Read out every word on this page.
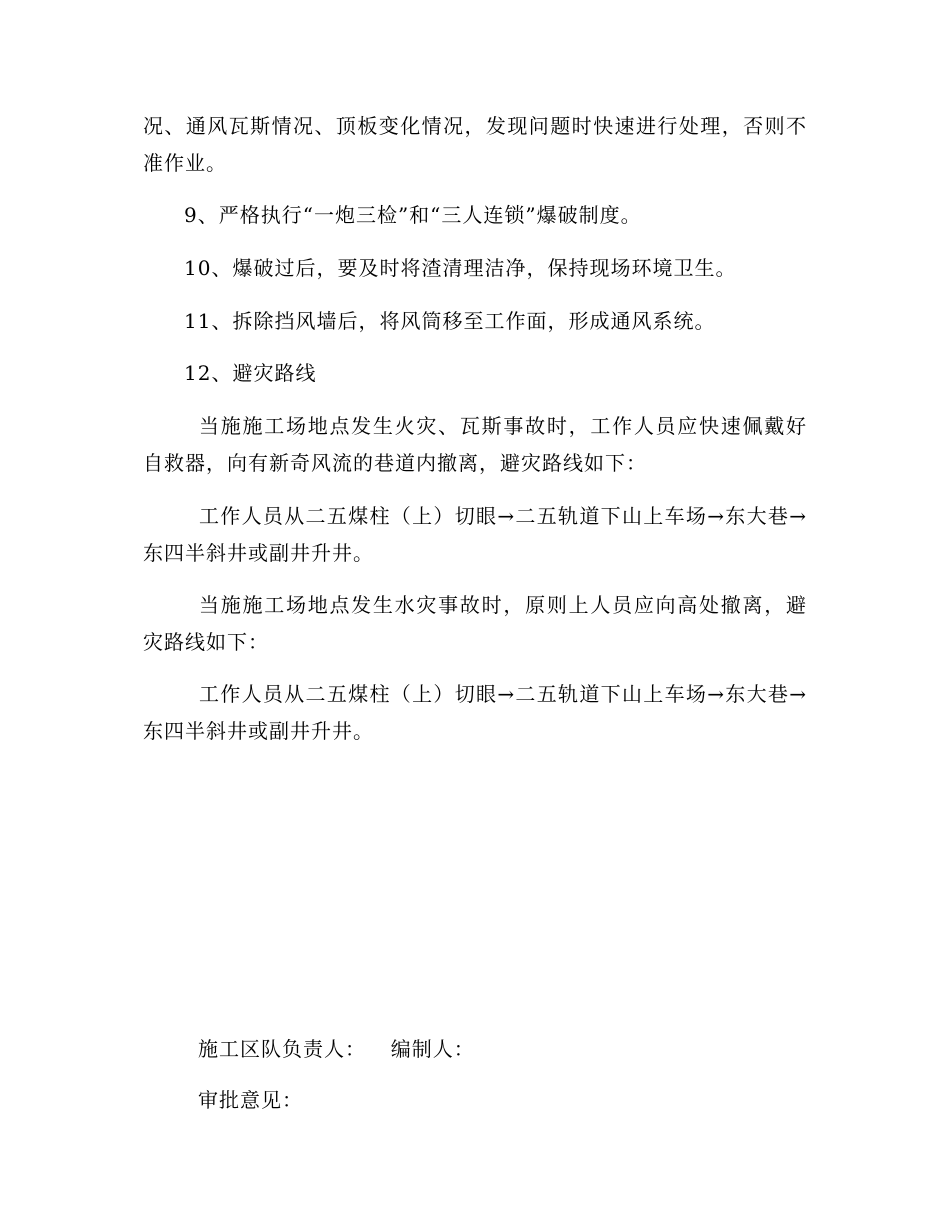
况、通风瓦斯情况、顶板变化情况，发现问题时快速进行处理，否则不准作业。
9、严格执行“一炮三检”和“三人连锁”爆破制度。
10、爆破过后，要及时将渣清理洁净，保持现场环境卫生。
11、拆除挡风墙后，将风筒移至工作面，形成通风系统。
12、避灾路线
当施施工场地点发生火灾、瓦斯事故时，工作人员应快速佩戴好自救器，向有新奇风流的巷道内撤离，避灾路线如下：
工作人员从二五煤柱（上）切眼→二五轨道下山上车场→东大巷→东四半斜井或副井升井。
当施施工场地点发生水灾事故时，原则上人员应向高处撤离，避灾路线如下：
工作人员从二五煤柱（上）切眼→二五轨道下山上车场→东大巷→东四半斜井或副井升井。
施工区队负责人： 编制人：
审批意见：
